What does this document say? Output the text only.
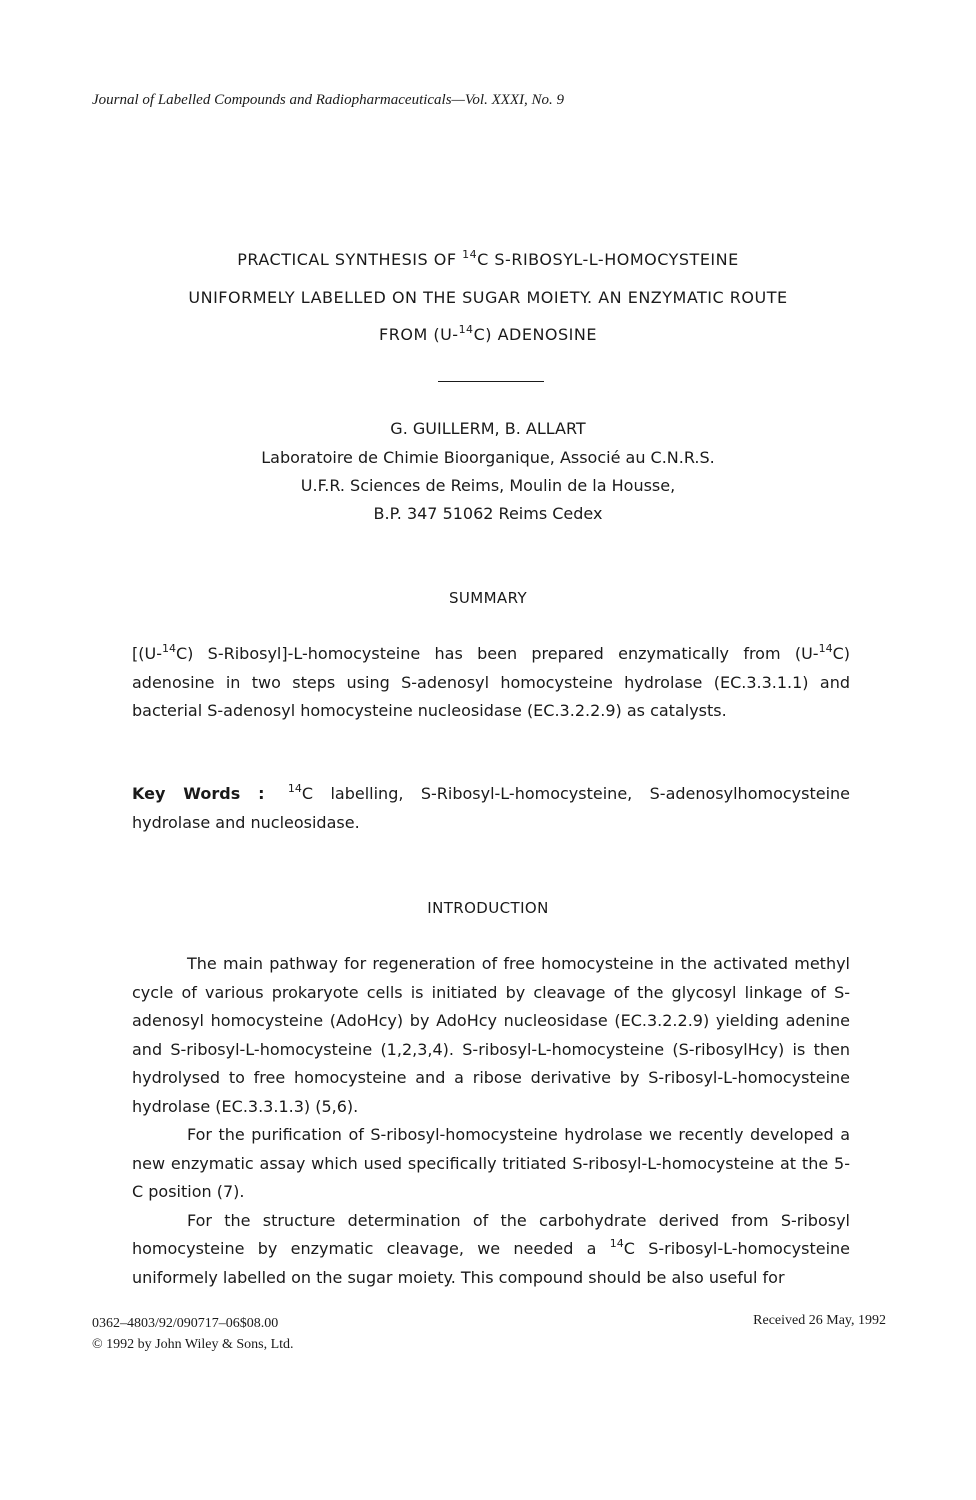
Journal of Labelled Compounds and Radiopharmaceuticals—Vol. XXXI, No. 9
PRACTICAL SYNTHESIS OF $^{14}$C S-RIBOSYL-L-HOMOCYSTEINE
UNIFORMELY LABELLED ON THE SUGAR MOIETY. AN ENZYMATIC ROUTE
FROM (U-$^{14}$C) ADENOSINE
G. GUILLERM, B. ALLART
Laboratoire de Chimie Bioorganique, Associé au C.N.R.S.
U.F.R. Sciences de Reims, Moulin de la Housse,
B.P. 347 51062 Reims Cedex
SUMMARY
[(U-$^{14}$C) S-Ribosyl]-L-homocysteine has been prepared enzymatically from (U-$^{14}$C) adenosine in two steps using S-adenosyl homocysteine hydrolase (EC.3.3.1.1) and bacterial S-adenosyl homocysteine nucleosidase (EC.3.2.2.9) as catalysts.
Key Words : $^{14}$C labelling, S-Ribosyl-L-homocysteine, S-adenosylhomocysteine hydrolase and nucleosidase.
INTRODUCTION

The main pathway for regeneration of free homocysteine in the activated methyl cycle of various prokaryote cells is initiated by cleavage of the glycosyl linkage of S-adenosyl homocysteine (AdoHcy) by AdoHcy nucleosidase (EC.3.2.2.9) yielding adenine and S-ribosyl-L-homocysteine (1,2,3,4). S-ribosyl-L-homocysteine (S-ribosylHcy) is then hydrolysed to free homocysteine and a ribose derivative by S-ribosyl-L-homocysteine hydrolase (EC.3.3.1.3) (5,6).

For the purification of S-ribosyl-homocysteine hydrolase we recently developed a new enzymatic assay which used specifically tritiated S-ribosyl-L-homocysteine at the 5-C position (7).

For the structure determination of the carbohydrate derived from S-ribosyl homocysteine by enzymatic cleavage, we needed a $^{14}$C S-ribosyl-L-homocysteine uniformely labelled on the sugar moiety. This compound should be also useful for

0362–4803/92/090717–06$08.00
© 1992 by John Wiley & Sons, Ltd.
Received 26 May, 1992
